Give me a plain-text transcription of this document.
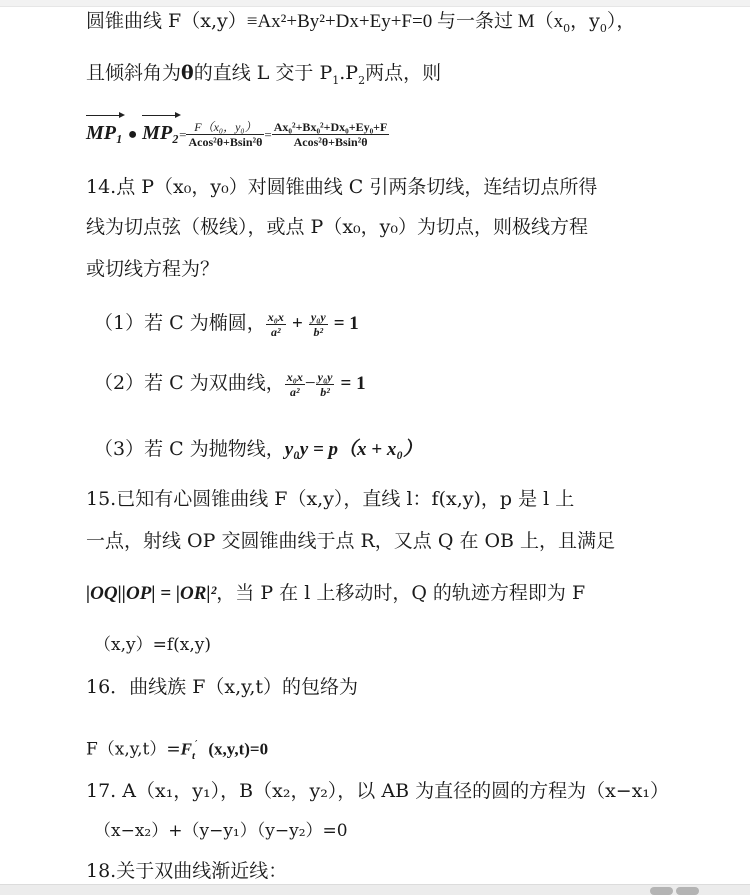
圆锥曲线 F（x,y）≡Ax²+By²+Dx+Ey+F=0 与一条过 $M(x_0$，$y_0$），
且倾斜角为θ的直线 L 交于 $P_1.P_2$两点，则
MP₁ ● $MP_2= \frac{\text{F（x₀，y₀）}}{\text{Acos²θ+Bsin²θ}} = \frac{\text{Ax₀²+Bx₀²+Dx₀+Ey₀+F}}{\text{Acos²θ+Bsin²θ}}$
14.点 P（x₀，y₀）对圆锥曲线 C 引两条切线，连结切点所得
线为切点弦（极线），或点 P（x₀，y₀）为切点，则极线方程
或切线方程为？
（1）若 C 为椭圆， $\frac{\text{x₀x}}{\text{a²}} + \frac{\text{y₀y}}{\text{b²}} = 1$
（2）若 C 为双曲线， $\frac{\text{x₀x}}{\text{a²}} - \frac{\text{y₀y}}{\text{b²}} = 1$
（3）若 C 为抛物线，y₀y = p（x + x₀）
15.已知有心圆锥曲线 F（x,y），直线 l：f(x,y)，p 是 l 上
一点，射线 OP 交圆锥曲线于点 R，又点 Q 在 OB 上，且满足
|OQ||OP| = |OR|²，当 P 在 l 上移动时，Q 的轨迹方程即为 F
（x,y）=f(x,y)
16．曲线族 F（x,y,t）的包络为
$F(x,y,t)=F_t'$ (x,y,t)=0
17. A（x₁，y₁），B（x₂，y₂），以 AB 为直径的圆的方程为（x−x₁）
（x−x₂）+（y−y₁）（y−y₂）=0
18.关于双曲线渐近线：
